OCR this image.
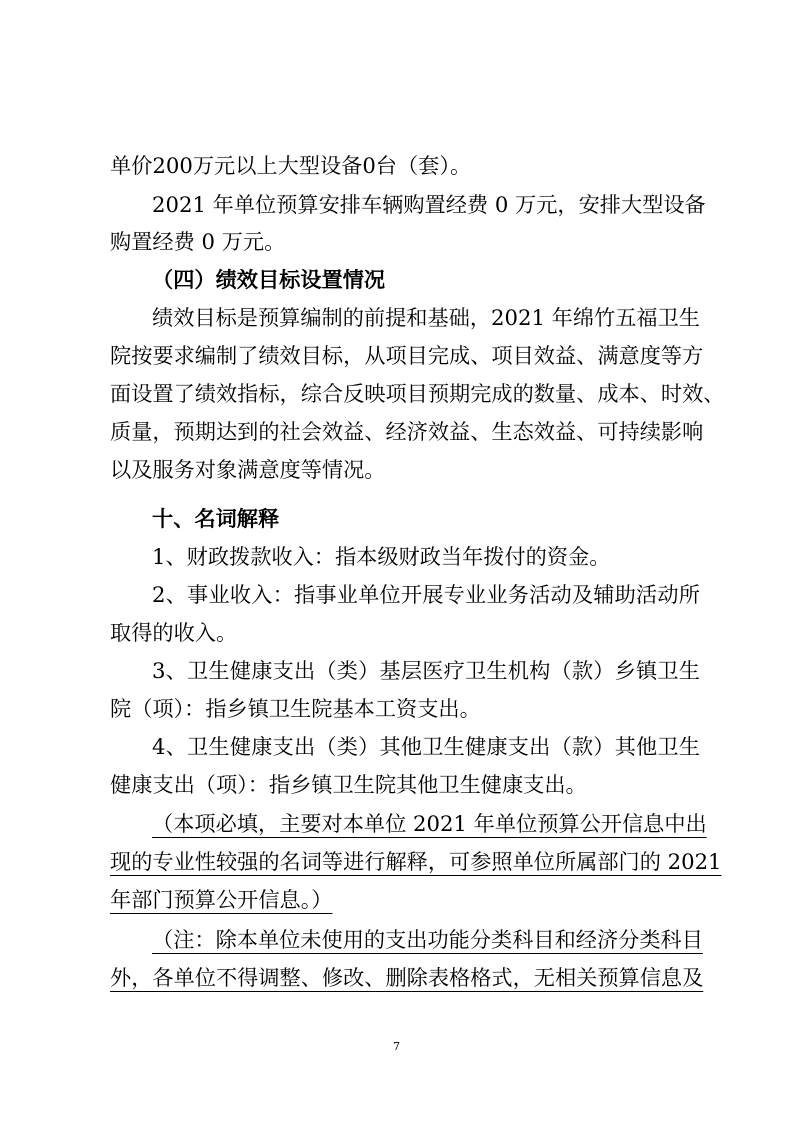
单价200万元以上大型设备0台（套）。
2021 年单位预算安排车辆购置经费 0 万元，安排大型设备
购置经费 0 万元。
（四）绩效目标设置情况
绩效目标是预算编制的前提和基础，2021 年绵竹五福卫生
院按要求编制了绩效目标，从项目完成、项目效益、满意度等方
面设置了绩效指标，综合反映项目预期完成的数量、成本、时效、
质量，预期达到的社会效益、经济效益、生态效益、可持续影响
以及服务对象满意度等情况。
十、名词解释
1、财政拨款收入：指本级财政当年拨付的资金。
2、事业收入：指事业单位开展专业业务活动及辅助活动所
取得的收入。
3、卫生健康支出（类）基层医疗卫生机构（款）乡镇卫生
院（项）：指乡镇卫生院基本工资支出。
4、卫生健康支出（类）其他卫生健康支出（款）其他卫生
健康支出（项）：指乡镇卫生院其他卫生健康支出。
（本项必填，主要对本单位 2021 年单位预算公开信息中出
现的专业性较强的名词等进行解释，可参照单位所属部门的 2021
年部门预算公开信息。）
（注：除本单位未使用的支出功能分类科目和经济分类科目
外，各单位不得调整、修改、删除表格格式，无相关预算信息及
7
